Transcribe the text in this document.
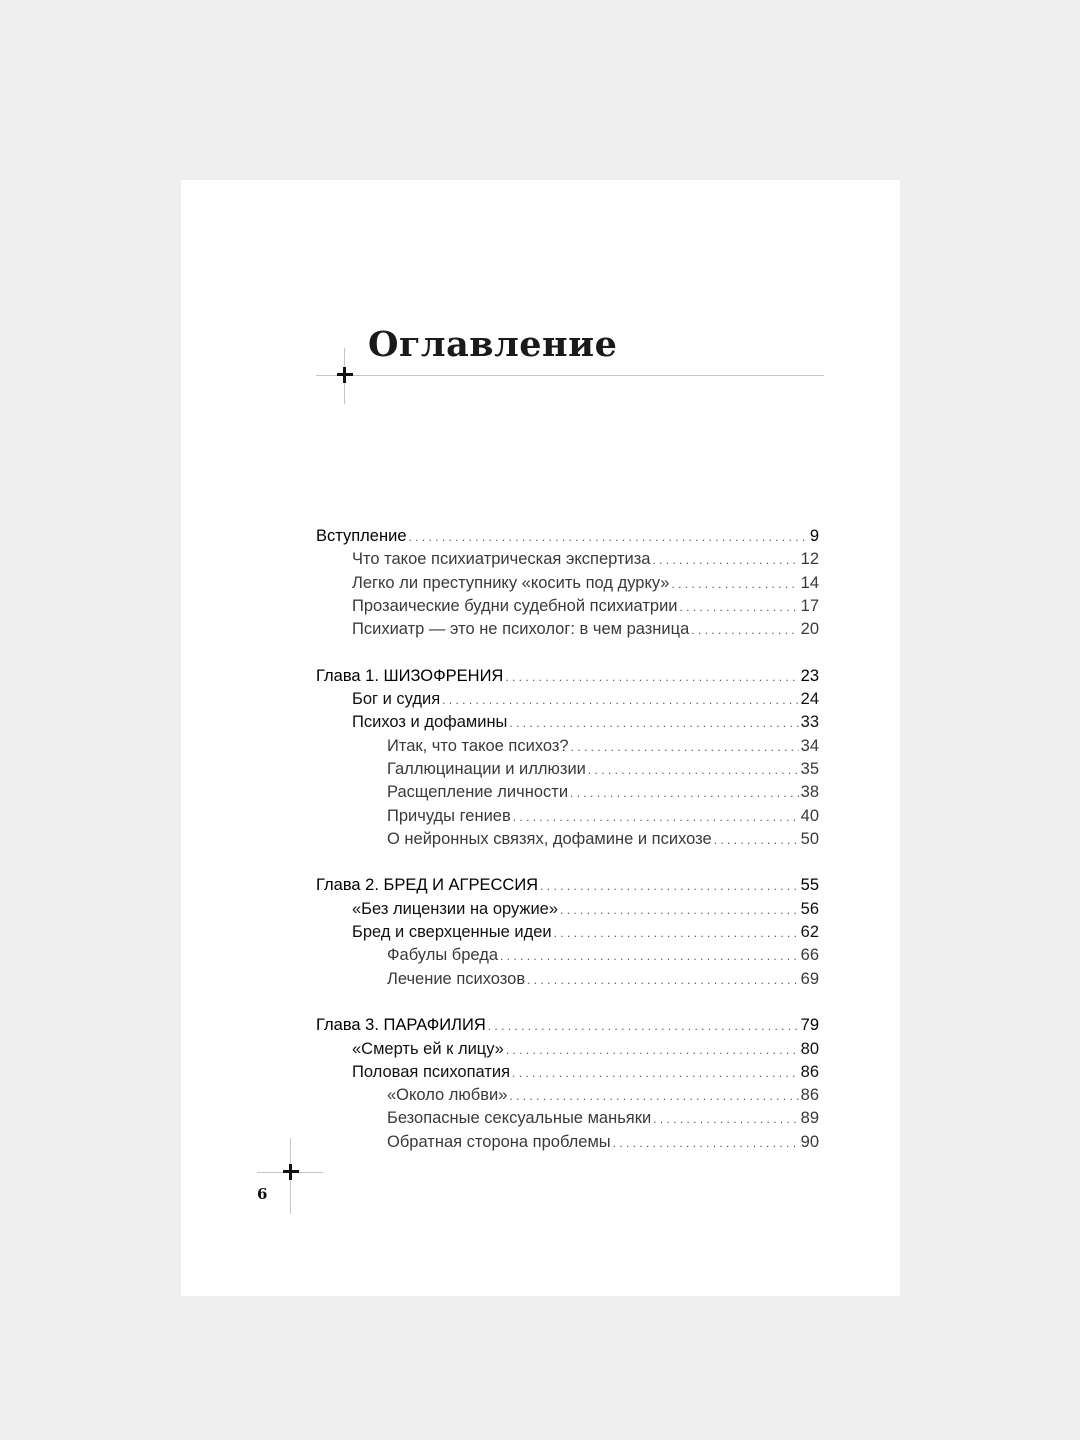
Оглавление
6
Вступление . . .	9
Что такое психиатрическая экспертиза . . .	12
Легко ли преступнику «косить под дурку» . . .	14
Прозаические будни судебной психиатрии . . .	17
Психиатр — это не психолог: в чем разница . . .	20
Глава 1. ШИЗОФРЕНИЯ . . .	23
Бог и судия . . .	24
Психоз и дофамины . . .	33
Итак, что такое психоз? . . .	34
Галлюцинации и иллюзии . . .	35
Расщепление личности . . .	38
Причуды гениев . . .	40
О нейронных связях, дофамине и психозе . . .	50
Глава 2. БРЕД И АГРЕССИЯ . . .	55
«Без лицензии на оружие» . . .	56
Бред и сверхценные идеи . . .	62
Фабулы бреда . . .	66
Лечение психозов . . .	69
Глава 3. ПАРАФИЛИЯ . . .	79
«Смерть ей к лицу» . . .	80
Половая психопатия . . .	86
«Около любви» . . .	86
Безопасные сексуальные маньяки . . .	89
Обратная сторона проблемы . . .	90
